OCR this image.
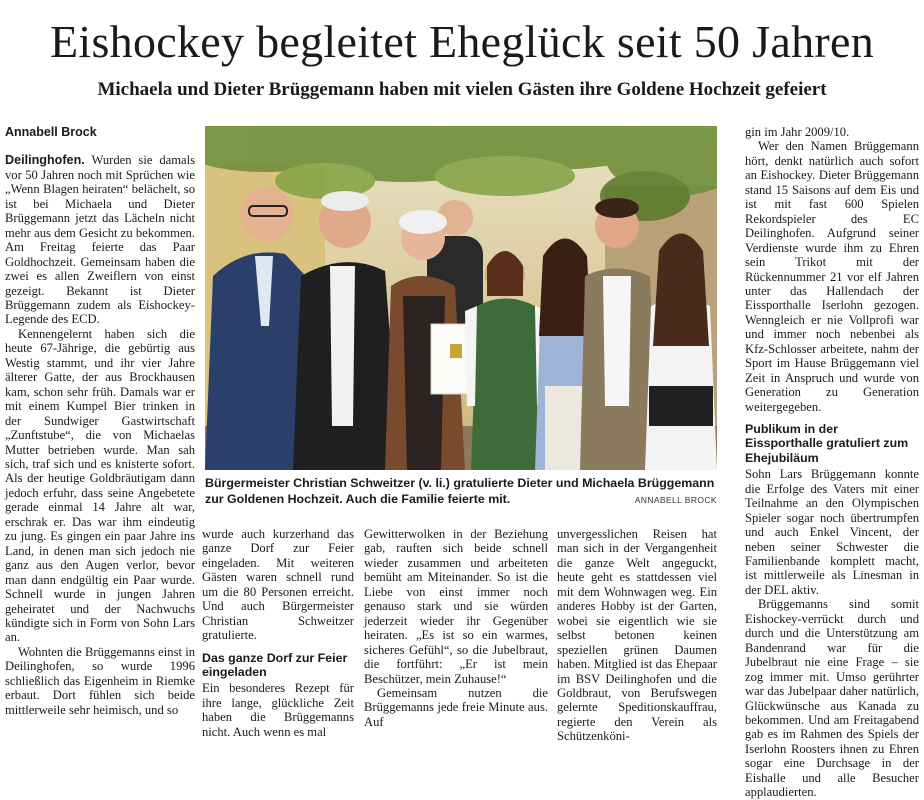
Eishockey begleitet Eheglück seit 50 Jahren
Michaela und Dieter Brüggemann haben mit vielen Gästen ihre Goldene Hochzeit gefeiert
Annabell Brock

Deilinghofen. Wurden sie damals vor 50 Jahren noch mit Sprüchen wie „Wenn Blagen heiraten“ belächelt, so ist bei Michaela und Dieter Brüggemann jetzt das Lächeln nicht mehr aus dem Gesicht zu bekommen. Am Freitag feierte das Paar Goldhochzeit. Gemeinsam haben die zwei es allen Zweiflern von einst gezeigt. Bekannt ist Dieter Brüggemann zudem als Eishockey-Legende des ECD.

Kennengelernt haben sich die heute 67-Jährige, die gebürtig aus Westig stammt, und ihr vier Jahre älterer Gatte, der aus Brockhausen kam, schon sehr früh. Damals war er mit einem Kumpel Bier trinken in der Sundwiger Gastwirtschaft „Zunftstube“, die von Michaelas Mutter betrieben wurde. Man sah sich, traf sich und es knisterte sofort. Als der heutige Goldbräutigam dann jedoch erfuhr, dass seine Angebetete gerade einmal 14 Jahre alt war, erschrak er. Das war ihm eindeutig zu jung. Es gingen ein paar Jahre ins Land, in denen man sich jedoch nie ganz aus den Augen verlor, bevor man dann endgültig ein Paar wurde. Schnell wurde in jungen Jahren geheiratet und der Nachwuchs kündigte sich in Form von Sohn Lars an.

Wohnten die Brüggemanns einst in Deilinghofen, so wurde 1996 schließlich das Eigenheim in Riemke erbaut. Dort fühlen sich beide mittlerweile sehr heimisch, und so

Bürgermeister Christian Schweitzer (v. li.) gratulierte Dieter und Michaela Brüggemann zur Goldenen Hochzeit. Auch die Familie feierte mit.	ANNABELL BROCK

wurde auch kurzerhand das ganze Dorf zur Feier eingeladen. Mit weiteren Gästen waren schnell rund um die 80 Personen erreicht. Und auch Bürgermeister Christian Schweitzer gratulierte.

Das ganze Dorf zur Feier eingeladen

Ein besonderes Rezept für ihre lange, glückliche Zeit haben die Brüggemanns nicht. Auch wenn es mal

Gewitterwolken in der Beziehung gab, rauften sich beide schnell wieder zusammen und arbeiteten bemüht am Miteinander. So ist die Liebe von einst immer noch genauso stark und sie würden jederzeit wieder ihr Gegenüber heiraten. „Es ist so ein warmes, sicheres Gefühl“, so die Jubelbraut, die fortführt: „Er ist mein Beschützer, mein Zuhause!“

Gemeinsam nutzen die Brüggemanns jede freie Minute aus. Auf

unvergesslichen Reisen hat man sich in der Vergangenheit die ganze Welt angeguckt, heute geht es stattdessen viel mit dem Wohnwagen weg. Ein anderes Hobby ist der Garten, wobei sie eigentlich wie sie selbst betonen keinen speziellen grünen Daumen haben. Mitglied ist das Ehepaar im BSV Deilinghofen und die Goldbraut, von Berufswegen gelernte Speditionskauffrau, regierte den Verein als Schützenköni-

gin im Jahr 2009/10.

Wer den Namen Brüggemann hört, denkt natürlich auch sofort an Eishockey. Dieter Brüggemann stand 15 Saisons auf dem Eis und ist mit fast 600 Spielen Rekordspieler des EC Deilinghofen. Aufgrund seiner Verdienste wurde ihm zu Ehren sein Trikot mit der Rückennummer 21 vor elf Jahren unter das Hallendach der Eissporthalle Iserlohn gezogen. Wenngleich er nie Vollprofi war und immer noch nebenbei als Kfz-Schlosser arbeitete, nahm der Sport im Hause Brüggemann viel Zeit in Anspruch und wurde von Generation zu Generation weitergegeben.

Publikum in der Eissporthalle gratuliert zum Ehejubiläum

Sohn Lars Brüggemann konnte die Erfolge des Vaters mit einer Teilnahme an den Olympischen Spieler sogar noch übertrumpfen und auch Enkel Vincent, der neben seiner Schwester die Familienbande komplett macht, ist mittlerweile als Linesman in der DEL aktiv.

Brüggemanns sind somit Eishockey-verrückt durch und durch und die Unterstützung am Bandenrand war für die Jubelbraut nie eine Frage – sie zog immer mit. Umso gerührter war das Jubelpaar daher natürlich, Glückwünsche aus Kanada zu bekommen. Und am Freitagabend gab es im Rahmen des Spiels der Iserlohn Roosters ihnen zu Ehren sogar eine Durchsage in der Eishalle und alle Besucher applaudierten.
